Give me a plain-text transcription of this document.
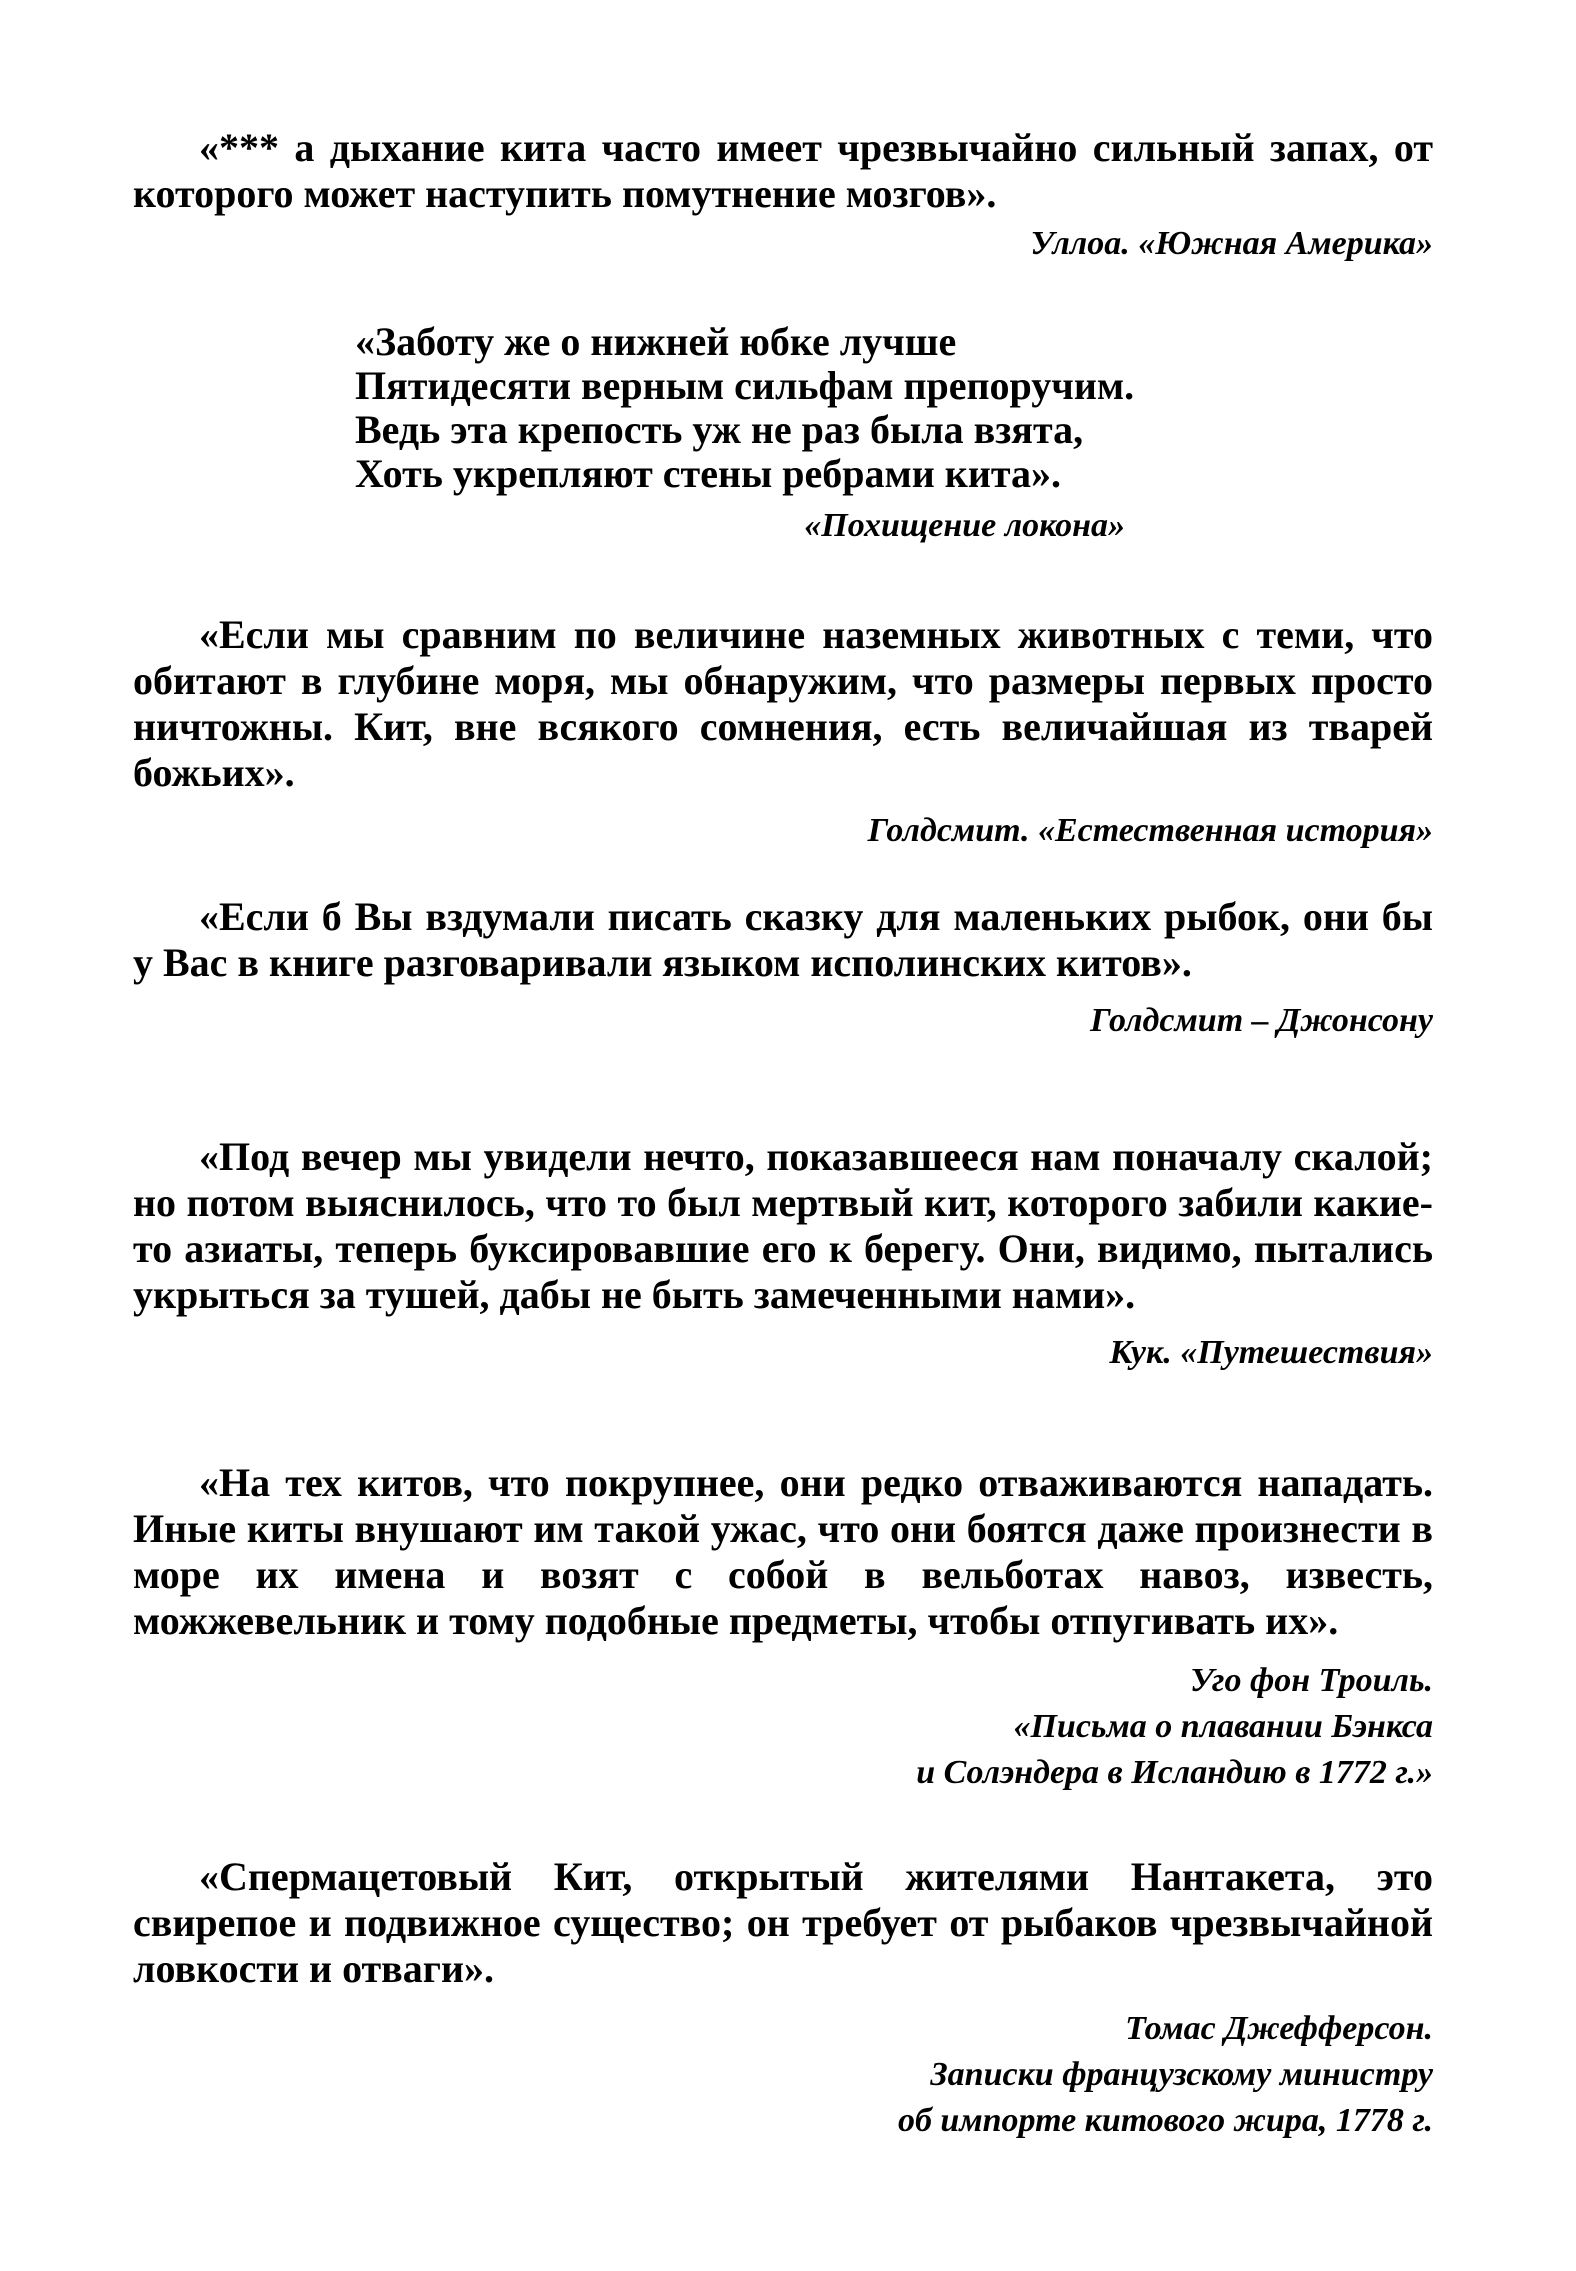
«*** а дыхание кита часто имеет чрезвычайно сильный запах, от которого может наступить помутнение мозгов».

Уллоа. «Южная Америка»

«Заботу же о нижней юбке лучше

Пятидесяти верным сильфам препоручим.

Ведь эта крепость уж не раз была взята,

Хоть укрепляют стены ребрами кита».

«Похищение локона»

«Если мы сравним по величине наземных животных с теми, что обитают в глубине моря, мы обнаружим, что размеры первых просто ничтожны. Кит, вне всякого сомнения, есть величайшая из тварей божьих».

Голдсмит. «Естественная история»

«Если б Вы вздумали писать сказку для маленьких рыбок, они бы у Вас в книге разговаривали языком исполинских китов».

Голдсмит – Джонсону

«Под вечер мы увидели нечто, показавшееся нам поначалу скалой; но потом выяснилось, что то был мертвый кит, которого забили какие-то азиаты, теперь буксировавшие его к берегу. Они, видимо, пытались укрыться за тушей, дабы не быть замеченными нами».

Кук. «Путешествия»

«На тех китов, что покрупнее, они редко отваживаются нападать. Иные киты внушают им такой ужас, что они боятся даже произнести в море их имена и возят с собой в вельботах навоз, известь, можжевельник и тому подобные предметы, чтобы отпугивать их».

Уго фон Троиль.

«Письма о плавании Бэнкса

и Солэндера в Исландию в 1772 г.»

«Спермацетовый Кит, открытый жителями Нантакета, это свирепое и подвижное существо; он требует от рыбаков чрезвычайной ловкости и отваги».

Томас Джефферсон.

Записки французскому министру

об импорте китового жира, 1778 г.
